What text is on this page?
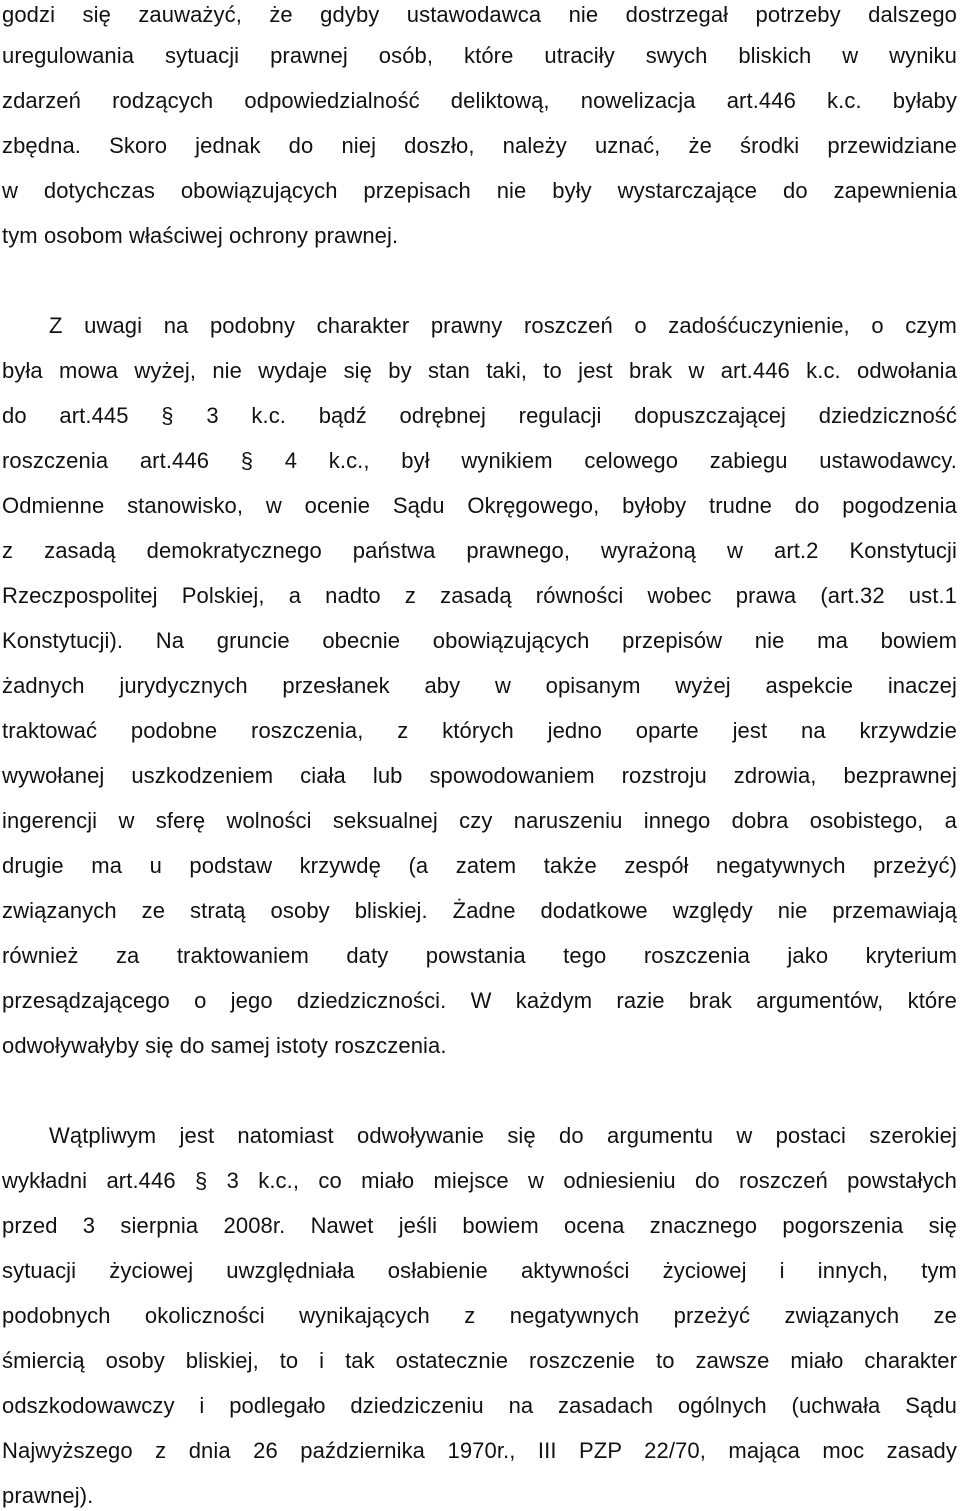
godzi się zauważyć, że gdyby ustawodawca nie dostrzegał potrzeby dalszego
uregulowania sytuacji prawnej osób, które utraciły swych bliskich w wyniku
zdarzeń rodzących odpowiedzialność deliktową, nowelizacja art.446 k.c. byłaby
zbędna. Skoro jednak do niej doszło, należy uznać, że środki przewidziane
w dotychczas obowiązujących przepisach nie były wystarczające do zapewnienia
tym osobom właściwej ochrony prawnej.
Z uwagi na podobny charakter prawny roszczeń o zadośćuczynienie, o czym
była mowa wyżej, nie wydaje się by stan taki, to jest brak w art.446 k.c. odwołania
do art.445 § 3 k.c. bądź odrębnej regulacji dopuszczającej dziedziczność
roszczenia art.446 § 4 k.c., był wynikiem celowego zabiegu ustawodawcy.
Odmienne stanowisko, w ocenie Sądu Okręgowego, byłoby trudne do pogodzenia
z zasadą demokratycznego państwa prawnego, wyrażoną w art.2 Konstytucji
Rzeczpospolitej Polskiej, a nadto z zasadą równości wobec prawa (art.32 ust.1
Konstytucji). Na gruncie obecnie obowiązujących przepisów nie ma bowiem
żadnych jurydycznych przesłanek aby w opisanym wyżej aspekcie inaczej
traktować podobne roszczenia, z których jedno oparte jest na krzywdzie
wywołanej uszkodzeniem ciała lub spowodowaniem rozstroju zdrowia, bezprawnej
ingerencji w sferę wolności seksualnej czy naruszeniu innego dobra osobistego, a
drugie ma u podstaw krzywdę (a zatem także zespół negatywnych przeżyć)
związanych ze stratą osoby bliskiej. Żadne dodatkowe względy nie przemawiają
również za traktowaniem daty powstania tego roszczenia jako kryterium
przesądzającego o jego dziedziczności. W każdym razie brak argumentów, które
odwoływałyby się do samej istoty roszczenia.
Wątpliwym jest natomiast odwoływanie się do argumentu w postaci szerokiej
wykładni art.446 § 3 k.c., co miało miejsce w odniesieniu do roszczeń powstałych
przed 3 sierpnia 2008r. Nawet jeśli bowiem ocena znacznego pogorszenia się
sytuacji życiowej uwzględniała osłabienie aktywności życiowej i innych, tym
podobnych okoliczności wynikających z negatywnych przeżyć związanych ze
śmiercią osoby bliskiej, to i tak ostatecznie roszczenie to zawsze miało charakter
odszkodowawczy i podlegało dziedziczeniu na zasadach ogólnych (uchwała Sądu
Najwyższego z dnia 26 października 1970r., III PZP 22/70, mająca moc zasady
prawnej).
